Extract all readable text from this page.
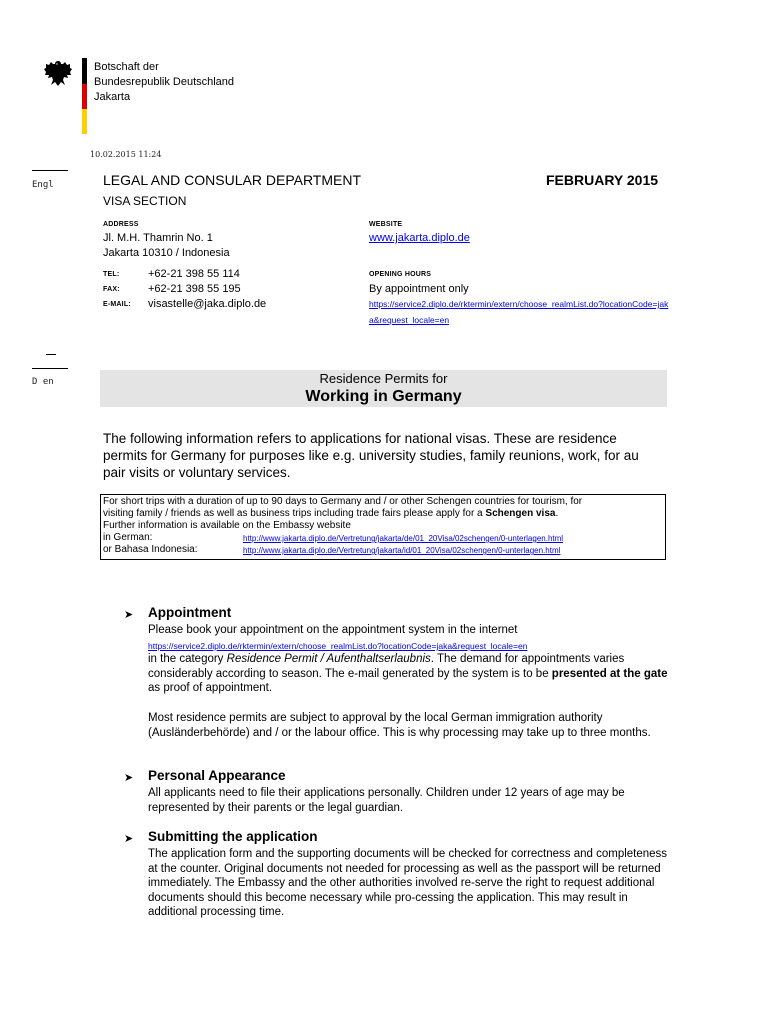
Botschaft der
Bundesrepublik Deutschland
Jakarta
10.02.2015 11:24
Engl
D en
LEGAL AND CONSULAR DEPARTMENT	FEBRUARY 2015
VISA SECTION
ADDRESS
Jl. M.H. Thamrin No. 1
Jakarta 10310 / Indonesia
TEL:	+62-21 398 55 114
FAX:	+62-21 398 55 195
E-MAIL: visastelle@jaka.diplo.de
WEBSITE
www.jakarta.diplo.de
OPENING HOURS
By appointment only
https://service2.diplo.de/rktermin/extern/choose_realmList.do?locationCode=jak
a&request_locale=en
Residence Permits for
Working in Germany
The following information refers to applications for national visas. These are residence permits for Germany for purposes like e.g. university studies, family reunions, work, for au pair visits or voluntary services.
For short trips with a duration of up to 90 days to Germany and / or other Schengen countries for tourism, for
visiting family / friends as well as business trips including trade fairs please apply for a Schengen visa.
Further information is available on the Embassy website
in German:	http://www.jakarta.diplo.de/Vertretung/jakarta/de/01_20Visa/02schengen/0-unterlagen.html
or Bahasa Indonesia:	http://www.jakarta.diplo.de/Vertretung/jakarta/id/01_20Visa/02schengen/0-unterlagen.html
➤ Appointment
Please book your appointment on the appointment system in the internet
https://service2.diplo.de/rktermin/extern/choose_realmList.do?locationCode=jaka&request_locale=en
in the category Residence Permit / Aufenthaltserlaubnis. The demand for appointments varies considerably according to season. The e-mail generated by the system is to be presented at the gate as proof of appointment.
Most residence permits are subject to approval by the local German immigration authority (Ausländerbehörde) and / or the labour office. This is why processing may take up to three months.
➤ Personal Appearance
All applicants need to file their applications personally. Children under 12 years of age may be represented by their parents or the legal guardian.
➤ Submitting the application
The application form and the supporting documents will be checked for correctness and completeness at the counter. Original documents not needed for processing as well as the passport will be returned immediately. The Embassy and the other authorities involved re-serve the right to request additional documents should this become necessary while pro-cessing the application. This may result in additional processing time.
